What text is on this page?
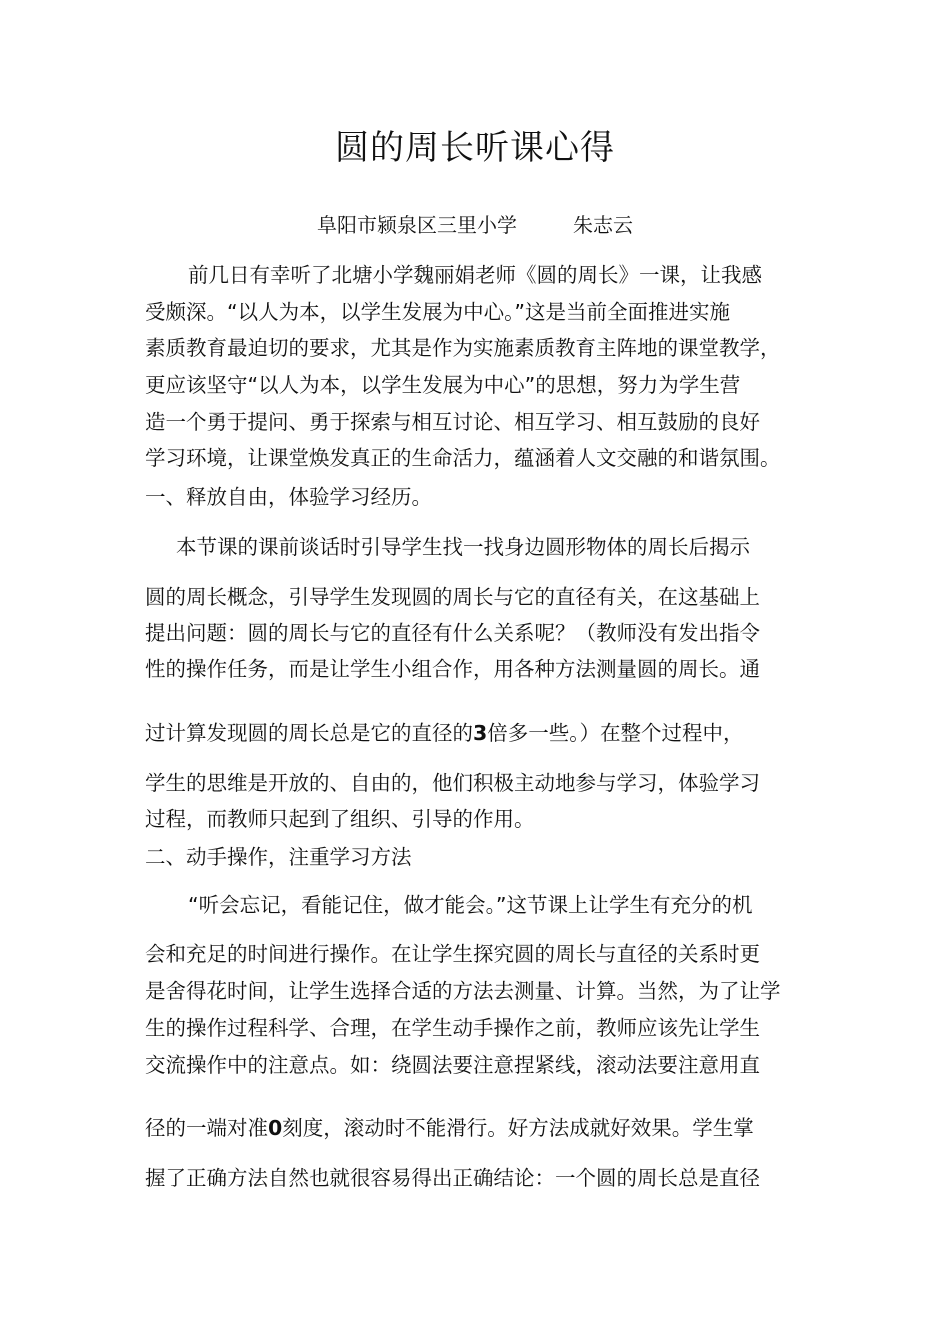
圆的周长听课心得
阜阳市颍泉区三里小学	朱志云
前几日有幸听了北塘小学魏丽娟老师《圆的周长》一课，让我感
受颇深。“以人为本，以学生发展为中心。”这是当前全面推进实施
素质教育最迫切的要求，尤其是作为实施素质教育主阵地的课堂教学，
更应该坚守“以人为本，以学生发展为中心”的思想，努力为学生营
造一个勇于提问、勇于探索与相互讨论、相互学习、相互鼓励的良好
学习环境，让课堂焕发真正的生命活力，蕴涵着人文交融的和谐氛围。
一、释放自由，体验学习经历。
本节课的课前谈话时引导学生找一找身边圆形物体的周长后揭示
圆的周长概念，引导学生发现圆的周长与它的直径有关，在这基础上
提出问题：圆的周长与它的直径有什么关系呢？（教师没有发出指令
性的操作任务，而是让学生小组合作，用各种方法测量圆的周长。通
过计算发现圆的周长总是它的直径的3倍多一些。）在整个过程中，
学生的思维是开放的、自由的，他们积极主动地参与学习，体验学习
过程，而教师只起到了组织、引导的作用。
二、动手操作，注重学习方法
“听会忘记，看能记住，做才能会。”这节课上让学生有充分的机
会和充足的时间进行操作。在让学生探究圆的周长与直径的关系时更
是舍得花时间，让学生选择合适的方法去测量、计算。当然，为了让学
生的操作过程科学、合理，在学生动手操作之前，教师应该先让学生
交流操作中的注意点。如：绕圆法要注意捏紧线，滚动法要注意用直
径的一端对准0刻度，滚动时不能滑行。好方法成就好效果。学生掌
握了正确方法自然也就很容易得出正确结论：一个圆的周长总是直径
